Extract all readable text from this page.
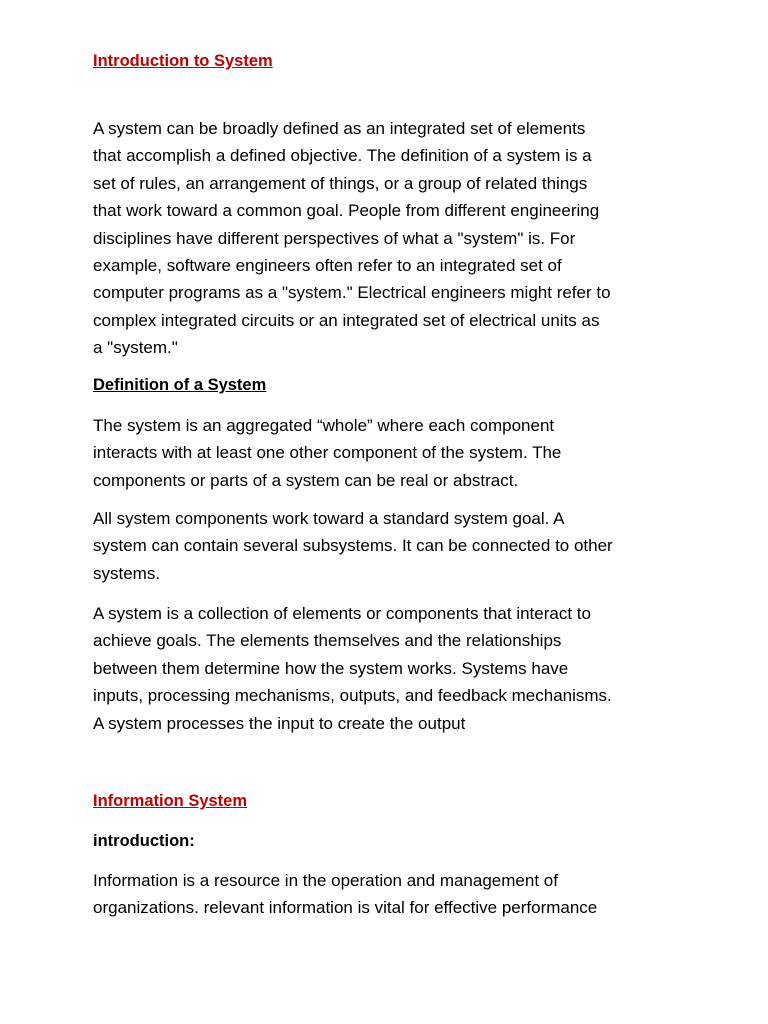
Introduction to System

A system can be broadly defined as an integrated set of elements
that accomplish a defined objective. The definition of a system is a
set of rules, an arrangement of things, or a group of related things
that work toward a common goal. People from different engineering
disciplines have different perspectives of what a "system" is. For
example, software engineers often refer to an integrated set of
computer programs as a "system." Electrical engineers might refer to
complex integrated circuits or an integrated set of electrical units as
a "system."

Definition of a System

The system is an aggregated “whole” where each component
interacts with at least one other component of the system. The
components or parts of a system can be real or abstract.

All system components work toward a standard system goal. A
system can contain several subsystems. It can be connected to other
systems.

A system is a collection of elements or components that interact to
achieve goals. The elements themselves and the relationships
between them determine how the system works. Systems have
inputs, processing mechanisms, outputs, and feedback mechanisms.
A system processes the input to create the output

Information System
introduction:

Information is a resource in the operation and management of
organizations. relevant information is vital for effective performance
